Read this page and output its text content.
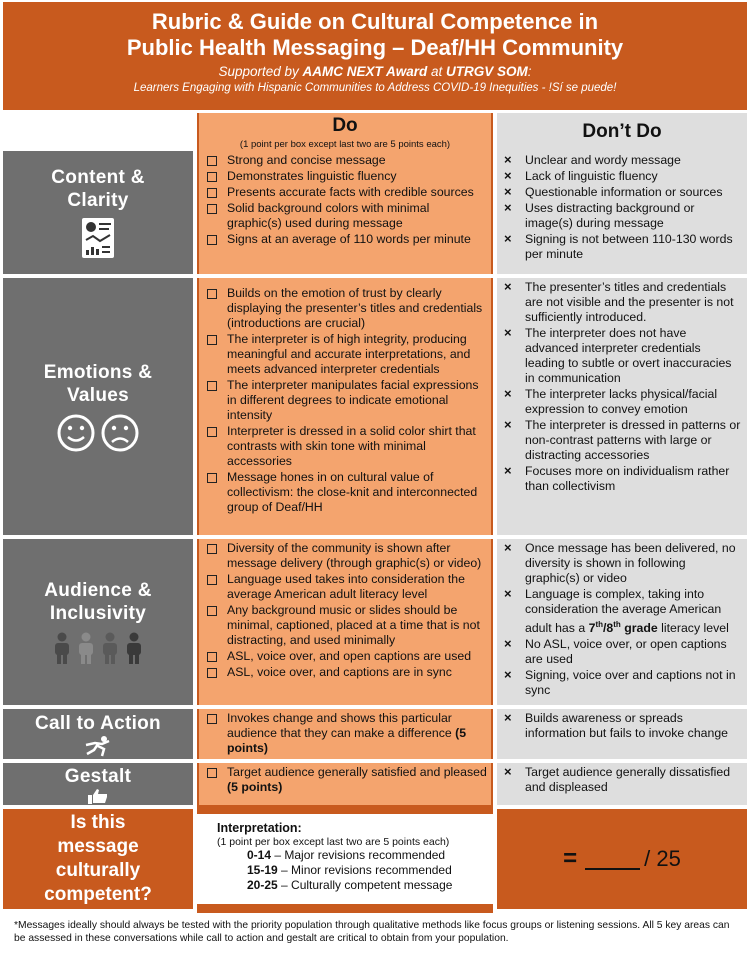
Rubric & Guide on Cultural Competence in
Public Health Messaging – Deaf/HH Community
Supported by AAMC NEXT Award at UTRGV SOM:
Learners Engaging with Hispanic Communities to Address COVID-19 Inequities - !Sí se puede!
Do
(1 point per box except last two are 5 points each)
Don’t Do
Content &
Clarity
Strong and concise message
Demonstrates linguistic fluency
Presents accurate facts with credible sources
Solid background colors with minimal graphic(s) used during message
Signs at an average of 110 words per minute
× Unclear and wordy message
× Lack of linguistic fluency
× Questionable information or sources
× Uses distracting background or image(s) during message
× Signing is not between 110-130 words per minute
Emotions &
Values
Builds on the emotion of trust by clearly displaying the presenter’s titles and credentials (introductions are crucial)
The interpreter is of high integrity, producing meaningful and accurate interpretations, and meets advanced interpreter credentials
The interpreter manipulates facial expressions in different degrees to indicate emotional intensity
Interpreter is dressed in a solid color shirt that contrasts with skin tone with minimal accessories
Message hones in on cultural value of collectivism: the close-knit and interconnected group of Deaf/HH
× The presenter’s titles and credentials are not visible and the presenter is not sufficiently introduced.
× The interpreter does not have advanced interpreter credentials leading to subtle or overt inaccuracies in communication
× The interpreter lacks physical/facial expression to convey emotion
× The interpreter is dressed in patterns or non-contrast patterns with large or distracting accessories
× Focuses more on individualism rather than collectivism
Audience &
Inclusivity
Diversity of the community is shown after message delivery (through graphic(s) or video)
Language used takes into consideration the average American adult literacy level
Any background music or slides should be minimal, captioned, placed at a time that is not distracting, and used minimally
ASL, voice over, and open captions are used
ASL, voice over, and captions are in sync
× Once message has been delivered, no diversity is shown in following graphic(s) or video
× Language is complex, taking into consideration the average American adult has a 7th/8th grade literacy level
× No ASL, voice over, or open captions are used
× Signing, voice over and captions not in sync
Call to Action	Invokes change and shows this particular audience that they can make a difference (5 points)
× Builds awareness or spreads information but fails to invoke change
Gestalt	Target audience generally satisfied and pleased (5 points)
× Target audience generally dissatisfied and displeased
Is this
message
culturally
competent?
Interpretation:
(1 point per box except last two are 5 points each)
0-14 – Major revisions recommended
15-19 – Minor revisions recommended
20-25 – Culturally competent message
=	/ 25
*Messages ideally should always be tested with the priority population through qualitative methods like focus groups or listening sessions. All 5 key areas can be assessed in these conversations while call to action and gestalt are critical to obtain from your population.
